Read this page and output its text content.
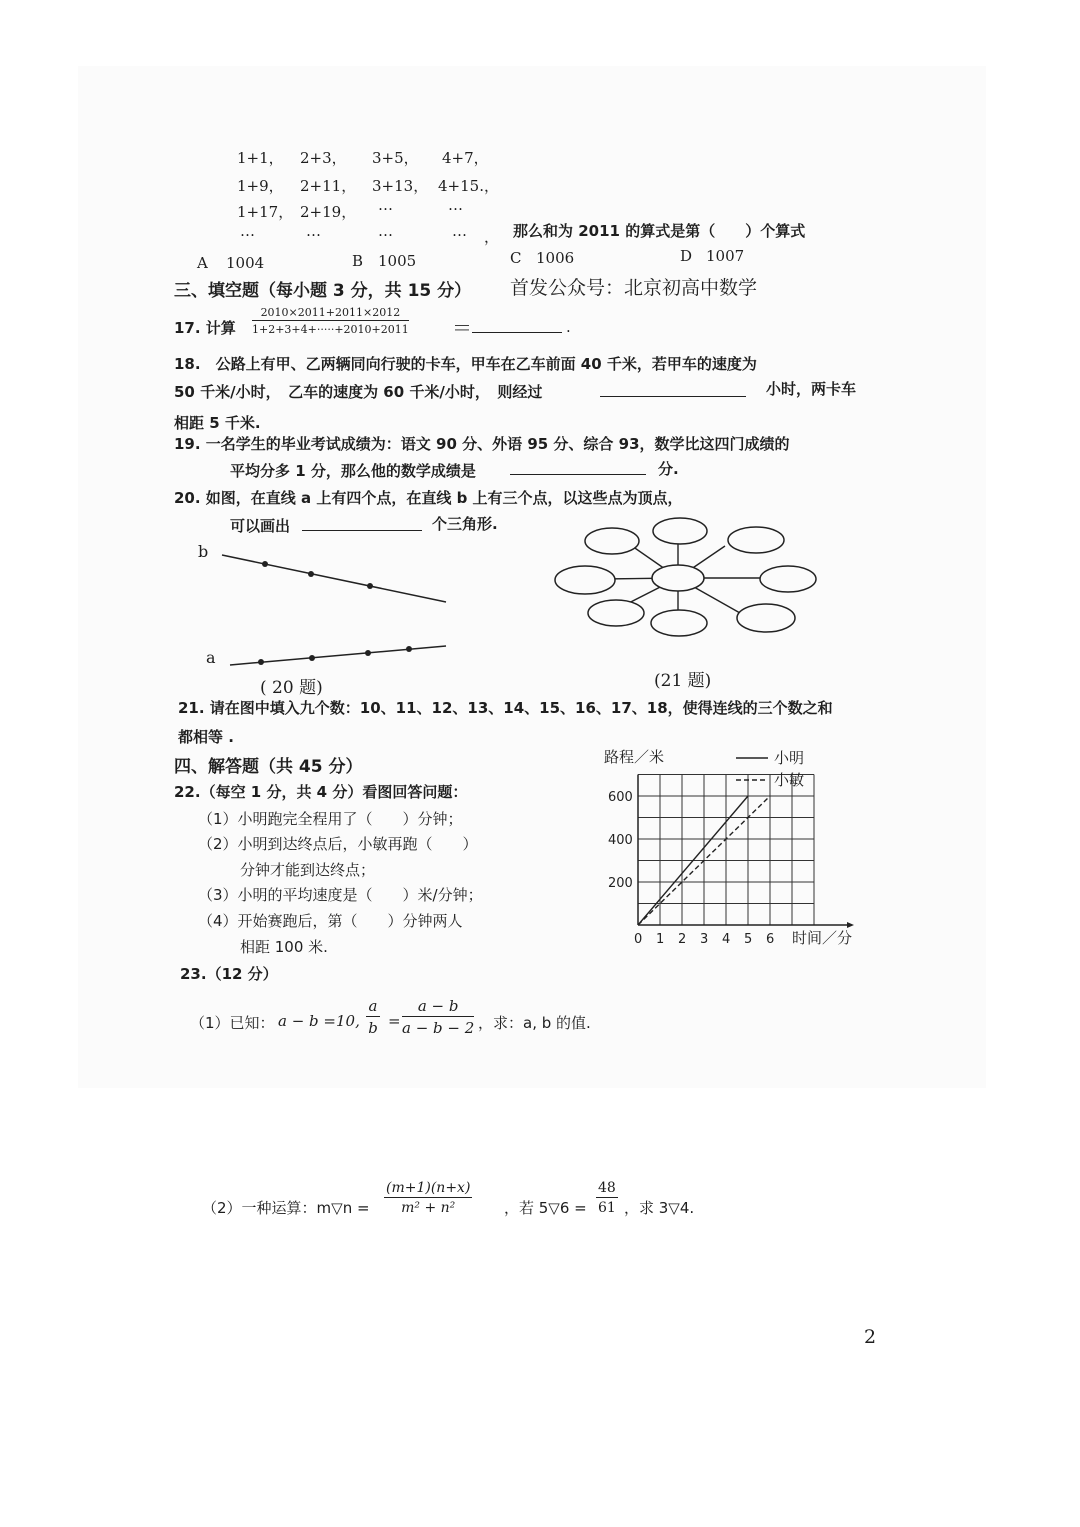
1+1， 2+3， 3+5， 4+7，
1+9， 2+11， 3+13， 4+15.，
1+17， 2+19， …	…
…	…	…	… ， 那么和为 2011 的算式是第（　　）个算式
A 1004	B 1005	C 1006	D 1007
三、填空题（每小题 3 分，共 15 分） 首发公众号：北京初高中数学
17. 计算 $\frac{2010\times 2011+2011\times 2012}{1+2+3+4+\cdot\cdot\cdot\cdot\cdot+2010+2011}$ ＝	.
18.　公路上有甲、乙两辆同向行驶的卡车，甲车在乙车前面 40 千米，若甲车的速度为
50 千米/小时，　乙车的速度为 60 千米/小时，　则经过	小时，两卡车
相距 5 千米.
19. 一名学生的毕业考试成绩为：语文 90 分、外语 95 分、综合 93，数学比这四门成绩的
平均分多 1 分，那么他的数学成绩是	分.
20. 如图，在直线 a 上有四个点，在直线 b 上有三个点，以这些点为顶点，
可以画出	个三角形.
b
a
( 20 题)	(21 题)
21. 请在图中填入九个数：10、11、12、13、14、15、16、17、18，使得连线的三个数之和
都相等 .
四、解答题（共 45 分）
22.（每空 1 分，共 4 分）看图回答问题：
（1）小明跑完全程用了（　　）分钟；
（2）小明到达终点后，小敏再跑（　　）
分钟才能到达终点；
（3）小明的平均速度是（　　）米/分钟；
（4）开始赛跑后，第（　　）分钟两人
相距 100 米.	0 1 2 3 4 5 6
200
400
600
路程／米
时间／分
小明
小敏
23.（12 分）
（1）已知： a − b =10, $\frac{a}{b} = \frac{a - b}{a - b - 2}$ ，求：a, b 的值.
（2）一种运算：m▽n = $\frac{(m+1)(n+x)}{\text{m² + n²}}$ ，若 5▽6 = $\frac{48}{61}$ ，求 3▽4.
2
